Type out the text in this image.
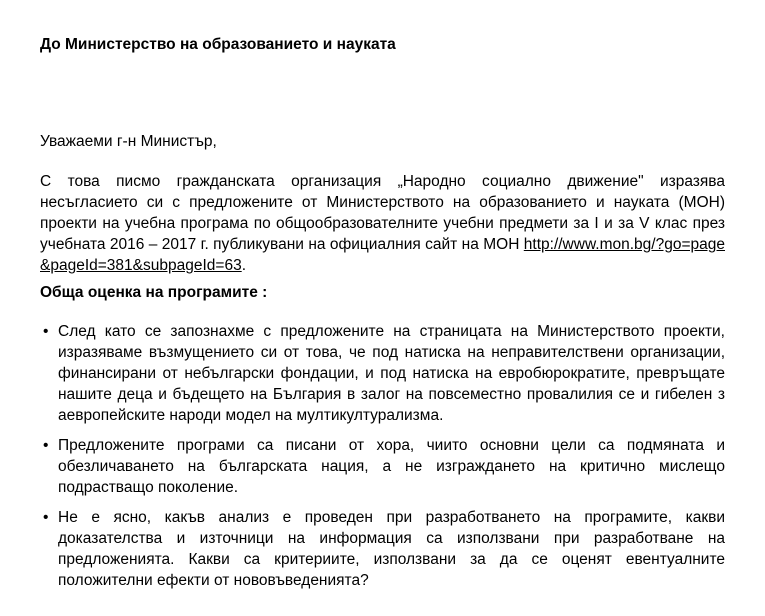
До Министерство на образованието и науката

Уважаеми г-н Министър,

С това писмо гражданската организация „Народно социално движение" изразява несъгласието си с предложените от Министерството на образованието и науката (МОН) проекти на учебна програма по общообразователните учебни предмети за I и за V клас през учебната 2016 – 2017 г. публикувани на официалния сайт на МОН http://www.mon.bg/?go=page&pageId=381&subpageId=63.

Обща оценка на програмите :
• След като се запознахме с предложените на страницата на Министерството проекти, изразяваме възмущението си от това, че под натиска на неправителствени организации, финансирани от небългарски фондации, и под натиска на евробюрократите, превръщате нашите деца и бъдещето на България в залог на повсеместно провалилия се и гибелен з аевропейските народи модел на мултикултурализма.
• Предложените програми са писани от хора, чиито основни цели са подмяната и обезличаването на българската нация, а не изграждането на критично мислещо подрастващо поколение.
• Не е ясно, какъв анализ е проведен при разработването на програмите, какви доказателства и източници на информация са използвани при разработване на предложенията. Какви са критериите, използвани за да се оценят евентуалните положителни ефекти от нововъведенията?
